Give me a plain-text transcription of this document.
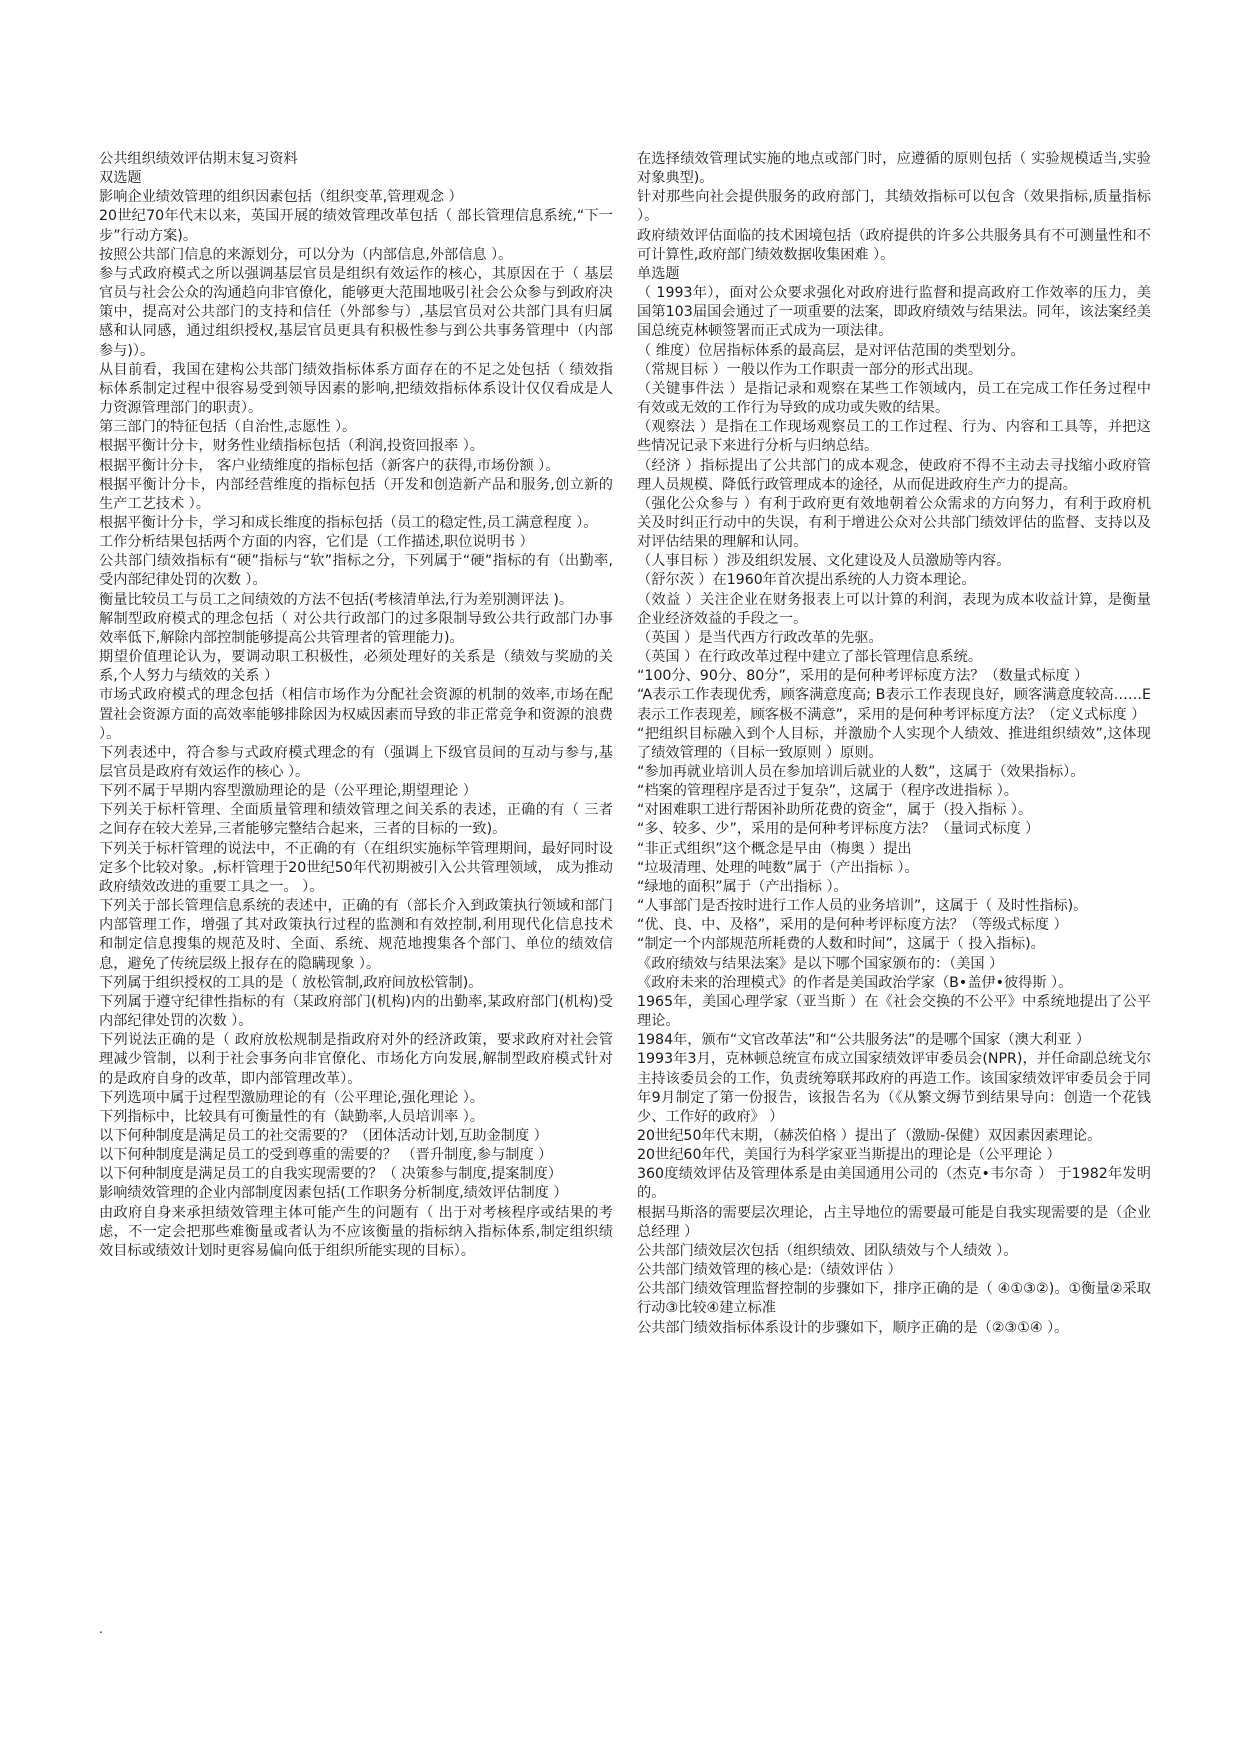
公共组织绩效评估期末复习资料

双选题

影响企业绩效管理的组织因素包括（组织变革,管理观念 ）

20世纪70年代末以来，英国开展的绩效管理改革包括（ 部长管理信息系统,“下一步”行动方案)。

按照公共部门信息的来源划分，可以分为（内部信息,外部信息 ）。

参与式政府模式之所以强调基层官员是组织有效运作的核心，其原因在于（ 基层官员与社会公众的沟通趋向非官僚化，能够更大范围地吸引社会公众参与到政府决策中，提高对公共部门的支持和信任（外部参与）,基层官员对公共部门具有归属感和认同感，通过组织授权,基层官员更具有积极性参与到公共事务管理中（内部参与)）。

从目前看，我国在建构公共部门绩效指标体系方面存在的不足之处包括（ 绩效指标体系制定过程中很容易受到领导因素的影响,把绩效指标体系设计仅仅看成是人力资源管理部门的职责）。

第三部门的特征包括（自治性,志愿性 ）。

根据平衡计分卡，财务性业绩指标包括（利润,投资回报率 ）。

根据平衡计分卡， 客户业绩维度的指标包括（新客户的获得,市场份额 ）。

根据平衡计分卡，内部经营维度的指标包括（开发和创造新产品和服务,创立新的生产工艺技术 ）。

根据平衡计分卡，学习和成长维度的指标包括（员工的稳定性,员工满意程度 ）。

工作分析结果包括两个方面的内容，它们是（工作描述,职位说明书 ）

公共部门绩效指标有“硬”指标与“软”指标之分，下列属于“硬”指标的有（出勤率,受内部纪律处罚的次数 ）。

衡量比较员工与员工之间绩效的方法不包括(考核清单法,行为差别测评法 )。

解制型政府模式的理念包括（ 对公共行政部门的过多限制导致公共行政部门办事效率低下,解除内部控制能够提高公共管理者的管理能力)。

期望价值理论认为，要调动职工积极性，必须处理好的关系是（绩效与奖励的关系,个人努力与绩效的关系 ）

市场式政府模式的理念包括（相信市场作为分配社会资源的机制的效率,市场在配置社会资源方面的高效率能够排除因为权威因素而导致的非正常竞争和资源的浪费 ）。

下列表述中，符合参与式政府模式理念的有（强调上下级官员间的互动与参与,基层官员是政府有效运作的核心 ）。

下列不属于早期内容型激励理论的是（公平理论,期望理论 ）

下列关于标杆管理、全面质量管理和绩效管理之间关系的表述，正确的有（ 三者之间存在较大差异,三者能够完整结合起来，三者的目标的一致)。

下列关于标杆管理的说法中，不正确的有（在组织实施标竿管理期间，最好同时设定多个比较对象。,标杆管理于20世纪50年代初期被引入公共管理领域， 成为推动政府绩效改进的重要工具之一。 ）。

下列关于部长管理信息系统的表述中，正确的有（部长介入到政策执行领域和部门内部管理工作，增强了其对政策执行过程的监测和有效控制,利用现代化信息技术和制定信息搜集的规范及时、全面、系统、规范地搜集各个部门、单位的绩效信息，避免了传统层级上报存在的隐瞒现象 ）。

下列属于组织授权的工具的是（ 放松管制,政府间放松管制)。

下列属于遵守纪律性指标的有（某政府部门(机构)内的出勤率,某政府部门(机构)受内部纪律处罚的次数 ）。

下列说法正确的是（ 政府放松规制是指政府对外的经济政策，要求政府对社会管理减少管制，以利于社会事务向非官僚化、市场化方向发展,解制型政府模式针对的是政府自身的改革，即内部管理改革）。

下列选项中属于过程型激励理论的有（公平理论,强化理论 ）。

下列指标中，比较具有可衡量性的有（缺勤率,人员培训率 ）。

以下何种制度是满足员工的社交需要的？（团体活动计划,互助金制度 ）

以下何种制度是满足员工的受到尊重的需要的？ （晋升制度,参与制度 ）

以下何种制度是满足员工的自我实现需要的？（ 决策参与制度,提案制度）

影响绩效管理的企业内部制度因素包括(工作职务分析制度,绩效评估制度 ）

由政府自身来承担绩效管理主体可能产生的问题有（ 出于对考核程序或结果的考虑，不一定会把那些难衡量或者认为不应该衡量的指标纳入指标体系,制定组织绩效目标或绩效计划时更容易偏向低于组织所能实现的目标）。

在选择绩效管理试实施的地点或部门时，应遵循的原则包括（ 实验规模适当,实验对象典型)。

针对那些向社会提供服务的政府部门，其绩效指标可以包含（效果指标,质量指标 ）。

政府绩效评估面临的技术困境包括（政府提供的许多公共服务具有不可测量性和不可计算性,政府部门绩效数据收集困难 ）。

单选题

（ 1993年），面对公众要求强化对政府进行监督和提高政府工作效率的压力，美国第103届国会通过了一项重要的法案，即政府绩效与结果法。同年，该法案经美国总统克林顿签署而正式成为一项法律。

（ 维度）位居指标体系的最高层，是对评估范围的类型划分。

（常规目标 ）一般以作为工作职责一部分的形式出现。

（关键事件法 ）是指记录和观察在某些工作领域内，员工在完成工作任务过程中有效或无效的工作行为导致的成功或失败的结果。

（观察法 ）是指在工作现场观察员工的工作过程、行为、内容和工具等，并把这些情况记录下来进行分析与归纳总结。

（经济 ）指标提出了公共部门的成本观念，使政府不得不主动去寻找缩小政府管理人员规模、降低行政管理成本的途径，从而促进政府生产力的提高。

（强化公众参与 ）有利于政府更有效地朝着公众需求的方向努力，有利于政府机关及时纠正行动中的失误，有利于增进公众对公共部门绩效评估的监督、支持以及对评估结果的理解和认同。

（人事目标 ）涉及组织发展、文化建设及人员激励等内容。

（舒尔茨 ）在1960年首次提出系统的人力资本理论。

（效益 ）关注企业在财务报表上可以计算的利润，表现为成本收益计算，是衡量企业经济效益的手段之一。

（英国 ）是当代西方行政改革的先驱。

（英国 ）在行政改革过程中建立了部长管理信息系统。

“100分、90分、80分”，采用的是何种考评标度方法？（数量式标度 ）

“A表示工作表现优秀，顾客满意度高; B表示工作表现良好，顾客满意度较高……E表示工作表现差，顾客极不满意”，采用的是何种考评标度方法？（定义式标度 ）

“把组织目标融入到个人目标，并激励个人实现个人绩效、推进组织绩效”,这体现了绩效管理的（目标一致原则 ）原则。

“参加再就业培训人员在参加培训后就业的人数”，这属于（效果指标）。

“档案的管理程序是否过于复杂”，这属于（程序改进指标 ）。

“对困难职工进行帮困补助所花费的资金”，属于（投入指标 ）。

“多、较多、少”，采用的是何种考评标度方法？（量词式标度 ）

“非正式组织”这个概念是早由（梅奥 ）提出

“垃圾清理、处理的吨数”属于（产出指标 ）。

“绿地的面积”属于（产出指标 ）。

“人事部门是否按时进行工作人员的业务培训”，这属于（ 及时性指标)。

“优、良、中、及格”，采用的是何种考评标度方法？（等级式标度 ）

“制定一个内部规范所耗费的人数和时间”，这属于（ 投入指标)。

《政府绩效与结果法案》是以下哪个国家颁布的：（美国 ）

《政府未来的治理模式》的作者是美国政治学家（B•盖伊•彼得斯 ）。

1965年，美国心理学家（亚当斯 ）在《社会交换的不公平》中系统地提出了公平理论。

1984年，颁布“文官改革法”和“公共服务法”的是哪个国家（澳大利亚 ）

1993年3月，克林顿总统宣布成立国家绩效评审委员会(NPR)，并任命副总统戈尔主持该委员会的工作，负责统筹联邦政府的再造工作。该国家绩效评审委员会于同年9月制定了第一份报告，该报告名为（《从繁文缛节到结果导向：创造一个花钱少、工作好的政府》 ）

20世纪50年代末期，（赫茨伯格 ）提出了（激励-保健）双因素因素理论。

20世纪60年代，美国行为科学家亚当斯提出的理论是（公平理论 ）

360度绩效评估及管理体系是由美国通用公司的（杰克•韦尔奇 ） 于1982年发明的。

根据马斯洛的需要层次理论，占主导地位的需要最可能是自我实现需要的是（企业总经理 ）

公共部门绩效层次包括（组织绩效、团队绩效与个人绩效 ）。

公共部门绩效管理的核心是:（绩效评估 ）

公共部门绩效管理监督控制的步骤如下，排序正确的是（ ④①③②)。①衡量②采取行动③比较④建立标准

公共部门绩效指标体系设计的步骤如下，顺序正确的是（②③①④ ）。

.
